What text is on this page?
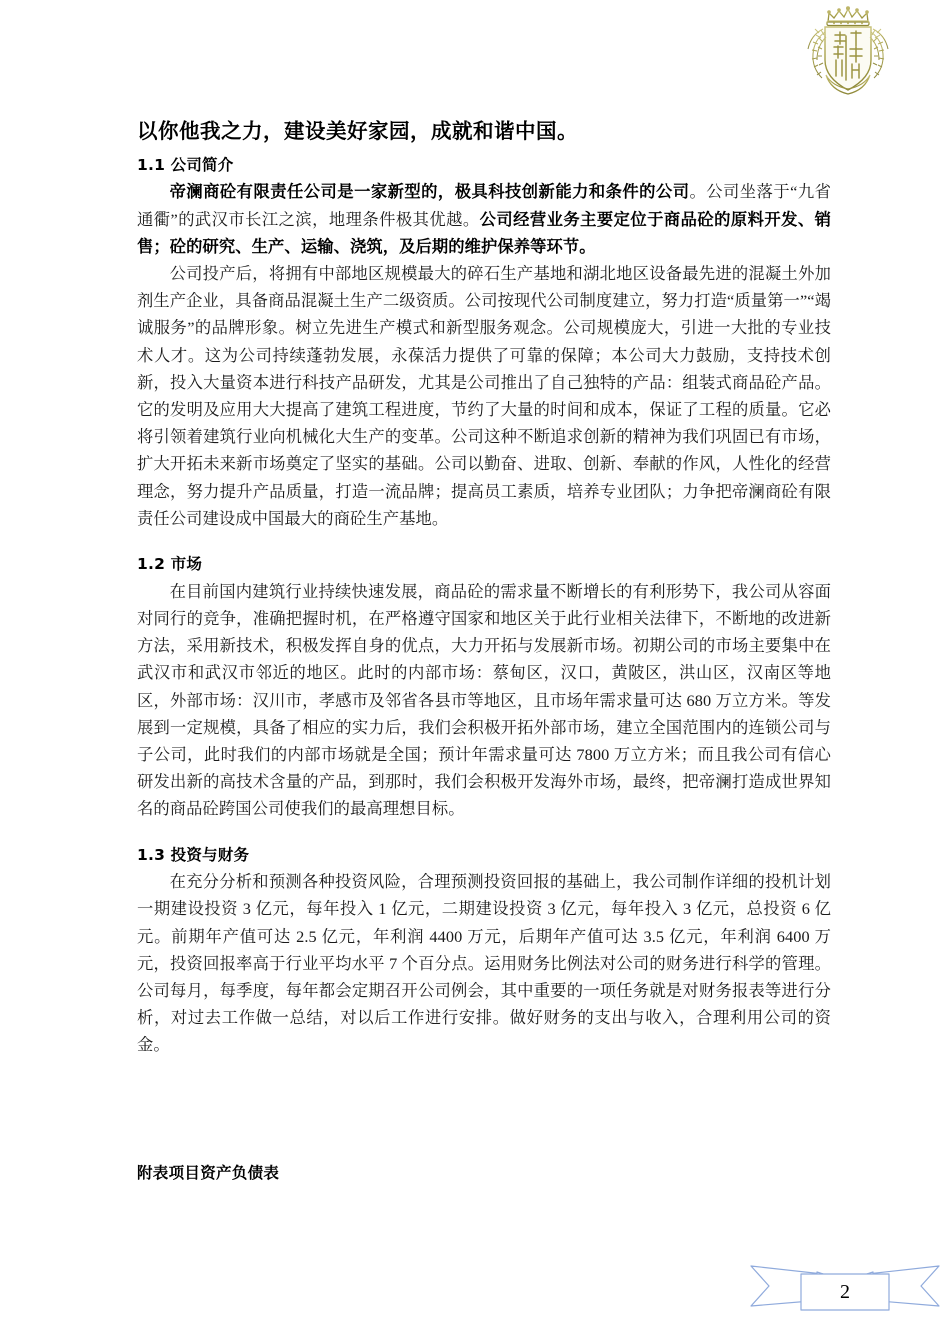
以你他我之力，建设美好家园，成就和谐中国。
1.1 公司简介

帝澜商砼有限责任公司是一家新型的，极具科技创新能力和条件的公司。公司坐落于“九省通衢”的武汉市长江之滨，地理条件极其优越。公司经营业务主要定位于商品砼的原料开发、销售；砼的研究、生产、运输、浇筑，及后期的维护保养等环节。

公司投产后，将拥有中部地区规模最大的碎石生产基地和湖北地区设备最先进的混凝土外加剂生产企业，具备商品混凝土生产二级资质。公司按现代公司制度建立，努力打造“质量第一”“竭诚服务”的品牌形象。树立先进生产模式和新型服务观念。公司规模庞大，引进一大批的专业技术人才。这为公司持续蓬勃发展，永葆活力提供了可靠的保障；本公司大力鼓励，支持技术创新，投入大量资本进行科技产品研发，尤其是公司推出了自己独特的产品：组装式商品砼产品。它的发明及应用大大提高了建筑工程进度，节约了大量的时间和成本，保证了工程的质量。它必将引领着建筑行业向机械化大生产的变革。公司这种不断追求创新的精神为我们巩固已有市场，扩大开拓未来新市场奠定了坚实的基础。公司以勤奋、进取、创新、奉献的作风，人性化的经营理念，努力提升产品质量，打造一流品牌；提高员工素质，培养专业团队；力争把帝澜商砼有限责任公司建设成中国最大的商砼生产基地。

1.2 市场

在目前国内建筑行业持续快速发展，商品砼的需求量不断增长的有利形势下，我公司从容面对同行的竞争，准确把握时机，在严格遵守国家和地区关于此行业相关法律下，不断地的改进新方法，采用新技术，积极发挥自身的优点，大力开拓与发展新市场。初期公司的市场主要集中在武汉市和武汉市邻近的地区。此时的内部市场：蔡甸区，汉口，黄陂区，洪山区，汉南区等地区，外部市场：汉川市，孝感市及邻省各县市等地区，且市场年需求量可达 680 万立方米。等发展到一定规模，具备了相应的实力后，我们会积极开拓外部市场，建立全国范围内的连锁公司与子公司，此时我们的内部市场就是全国；预计年需求量可达 7800 万立方米；而且我公司有信心研发出新的高技术含量的产品，到那时，我们会积极开发海外市场，最终，把帝澜打造成世界知名的商品砼跨国公司使我们的最高理想目标。

1.3 投资与财务

在充分分析和预测各种投资风险，合理预测投资回报的基础上，我公司制作详细的投机计划 一期建设投资 3 亿元，每年投入 1 亿元，二期建设投资 3 亿元，每年投入 3 亿元，总投资 6 亿元。前期年产值可达 2.5 亿元，年利润 4400 万元，后期年产值可达 3.5 亿元，年利润 6400 万元，投资回报率高于行业平均水平 7 个百分点。运用财务比例法对公司的财务进行科学的管理。公司每月，每季度，每年都会定期召开公司例会，其中重要的一项任务就是对财务报表等进行分析，对过去工作做一总结，对以后工作进行安排。做好财务的支出与收入，合理利用公司的资金。

附表项目资产负债表
2
